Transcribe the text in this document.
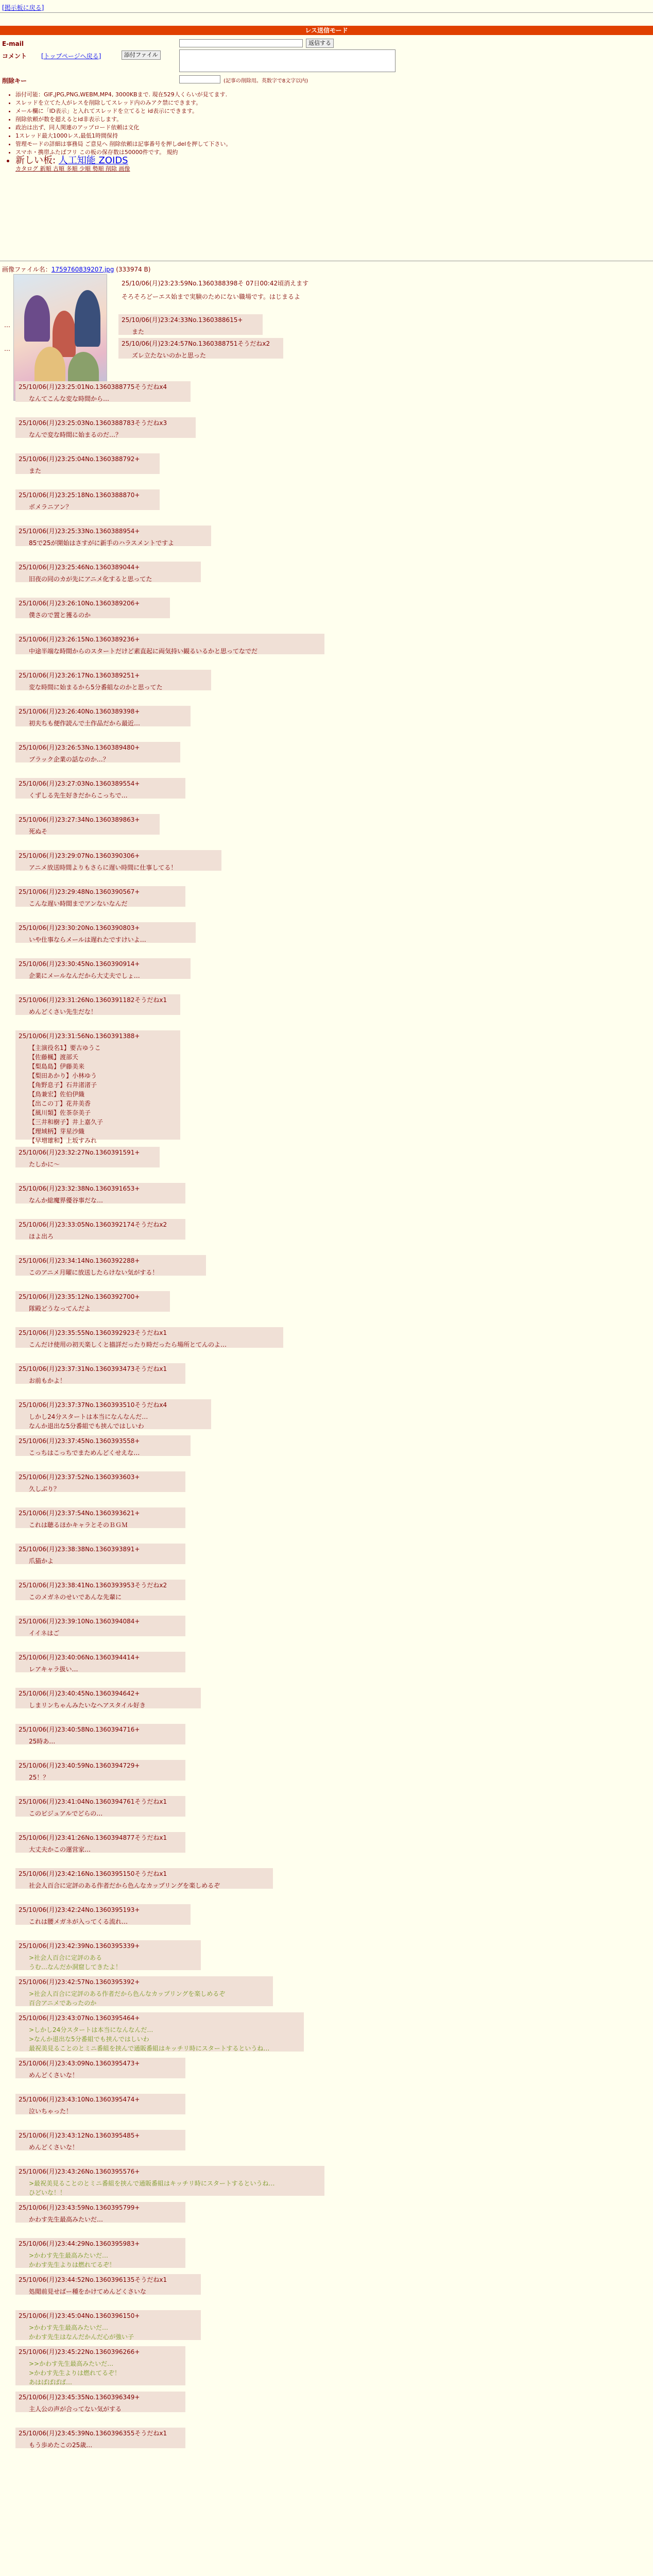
[掲示板に戻る]
レス送信モード
E-mail	返信する
コメント [トップページへ戻る]	添付ファイル
削除キー	(記事の削除用。英数字で8文字以内)
• 添付可能：GIF,JPG,PNG,WEBM,MP4, 3000KBまで. 現在529人くらいが見てます.
• スレッドを立てた人がレスを削除してスレッド内のみアク禁にできます。
• メール欄に「ID表示」と入れてスレッドを立てると id表示にできます。
• 削除依頼が数を超えるとid非表示します。
• 政治は出ず、同人関連のアップロード依頼は文化
• 1スレッド最大1000レス,最低1時間保持
• 管理モードの詳細は事務局 ご意見へ 削除依頼は記事番号を押しdelを押して下さい。
• スマホ・携帯ふたばフリ この板の保存数は50000件です。 規約
• 新しい板: 人工知能 ZOIDS
カタログ 新順 古順 多順 少順 勢順 削除 画像
画像ファイル名：1759760839207.jpg (333974 B)
25/10/06(月)23:23:59No.1360388398そ 07日00:42頃消えます
そろそろどーエス始まで実験のためにない職場です。はじまるよ
…
25/10/06(月)23:24:33No.1360388615+
また
…
25/10/06(月)23:24:57No.1360388751そうだねx2
ズレ立たないのかと思った
25/10/06(月)23:25:01No.1360388775そうだねx4
なんてこんな変な時間から…
25/10/06(月)23:25:03No.1360388783そうだねx3
なんで変な時間に始まるのだ…？
25/10/06(月)23:25:04No.1360388792+
また
25/10/06(月)23:25:18No.1360388870+
ボメラニアン？
25/10/06(月)23:25:33No.1360388954+
85で25が開始はさすがに新手のハラスメントですよ
25/10/06(月)23:25:46No.1360389044+
旧夜の同のカが先にアニメ化すると思ってた
25/10/06(月)23:26:10No.1360389206+
僕さので置と獲るのか
25/10/06(月)23:26:15No.1360389236+
中途半端な時間からのスタートだけど素直起に両気持い観るいるかと思ってなでだ
25/10/06(月)23:26:17No.1360389251+
変な時間に始まるから5分番組なのかと思ってた
25/10/06(月)23:26:40No.1360389398+
初夫ちも便作読んで土作品だから最近…
25/10/06(月)23:26:53No.1360389480+
ブラック企業の話なのか…？
25/10/06(月)23:27:03No.1360389554+
くずしる先生好きだからこっちで…
25/10/06(月)23:27:34No.1360389863+
死ぬそ
25/10/06(月)23:29:07No.1360390306+
アニメ放送時間よりもさらに遅い時間に仕事してる！
25/10/06(月)23:29:48No.1360390567+
こんな遅い時間までアンないなんだ
25/10/06(月)23:30:20No.1360390803+
いや仕事ならメールは遅れたですけいよ…
25/10/06(月)23:30:45No.1360390914+
企業にメールなんだから大丈夫でしょ…
25/10/06(月)23:31:26No.1360391182そうだねx1
めんどくさい先生だな！
25/10/06(月)23:31:56No.1360391388+
【主演役名1】要古ゆうこ
【佐藤楓】渡部夭
【梨島島】伊藤美来
【梨田あかり】小林ゆう
【角野息子】石井渚渚子
【鳥兼宏】佐伯伊織
【出この丁】花井美香
【風川類】佐茶奈美子
【三井和樹子】井上嘉久子
【理域柄】芽星沙織
【早増雄和】上坂すみれ
25/10/06(月)23:32:27No.1360391591+
たしかに〜
25/10/06(月)23:32:38No.1360391653+
なんか総魔界優谷事だな…
25/10/06(月)23:33:05No.1360392174そうだねx2
ほよ出ろ
25/10/06(月)23:34:14No.1360392288+
このアニメ月曜に放送したらけない気がする！
25/10/06(月)23:35:12No.1360392700+
隊殿どうなってんだよ
25/10/06(月)23:35:55No.1360392923そうだねx1
こんだけ使用の初天楽しくと描詳だったり時だったら場所とてんのよ…
25/10/06(月)23:37:31No.1360393473そうだねx1
お前もかよ！
25/10/06(月)23:37:37No.1360393510そうだねx4
しかし24分スタートは本当になんなんだ…
なんか退出な5分番組でも挟んではしいわ
25/10/06(月)23:37:45No.1360393558+
こっちはこっちでまためんどくせえな…
25/10/06(月)23:37:52No.1360393603+
久しぶり？
25/10/06(月)23:37:54No.1360393621+
これは聴るほかキャラとそのＢＧＭ
25/10/06(月)23:38:38No.1360393891+
爪猫かよ
25/10/06(月)23:38:41No.1360393953そうだねx2
このメガネのせいであんな先輩に
25/10/06(月)23:39:10No.1360394084+
イイネはご
25/10/06(月)23:40:06No.1360394414+
レアキャラ扱い…
25/10/06(月)23:40:45No.1360394642+
しまリンちゃんみたいなヘアスタイル好き
25/10/06(月)23:40:58No.1360394716+
25時あ…
25/10/06(月)23:40:59No.1360394729+
25！？
25/10/06(月)23:41:04No.1360394761そうだねx1
このビジュアルでどらの…
25/10/06(月)23:41:26No.1360394877そうだねx1
大丈夫かこの運営家…
25/10/06(月)23:42:16No.1360395150そうだねx1
社会人百合に定評のある作者だから色んなカップリングを楽しめるぞ
25/10/06(月)23:42:24No.1360395193+
これは腰メガネが入ってくる流れ…
25/10/06(月)23:42:39No.1360395339+
>社会人百合に定評のある
うむ…なんだか洞窟してきたよ！
25/10/06(月)23:42:57No.1360395392+
>社会人百合に定評のある作者だから色んなカップリングを楽しめるぞ
百合アニメであったのか
25/10/06(月)23:43:07No.1360395464+
>しかし24分スタートは本当になんなんだ…
>なんか退出な5分番組でも挟んではしいわ
最祝美見ることのとミニ番組を挟んで通販番組はキッチリ時にスタートするというね…
25/10/06(月)23:43:09No.1360395473+
めんどくさいな！
25/10/06(月)23:43:10No.1360395474+
泣いちゃった！
25/10/06(月)23:43:12No.1360395485+
めんどくさいな！
25/10/06(月)23:43:26No.1360395576+
>最祝美見ることのとミニ番組を挟んで通販番組はキッチリ時にスタートするというね…
ひどいな！！
25/10/06(月)23:43:59No.1360395799+
かわす先生最高みたいだ…
25/10/06(月)23:44:29No.1360395983+
>かわす先生最高みたいだ…
かわす先生よりは燃れてるぞ！
25/10/06(月)23:44:52No.1360396135そうだねx1
処閲前見せばー種をかけてめんどくさいな
25/10/06(月)23:45:04No.1360396150+
>かわす先生最高みたいだ…
かわす先生はなんだかんだ心が強い子
25/10/06(月)23:45:22No.1360396266+
>>かわす先生最高みたいだ…
>かわす先生よりは燃れてるぞ！
あはばばばば…
25/10/06(月)23:45:35No.1360396349+
主人公の声が合ってない気がする
25/10/06(月)23:45:39No.1360396355そうだねx1
もう歩めたこの25歳…
